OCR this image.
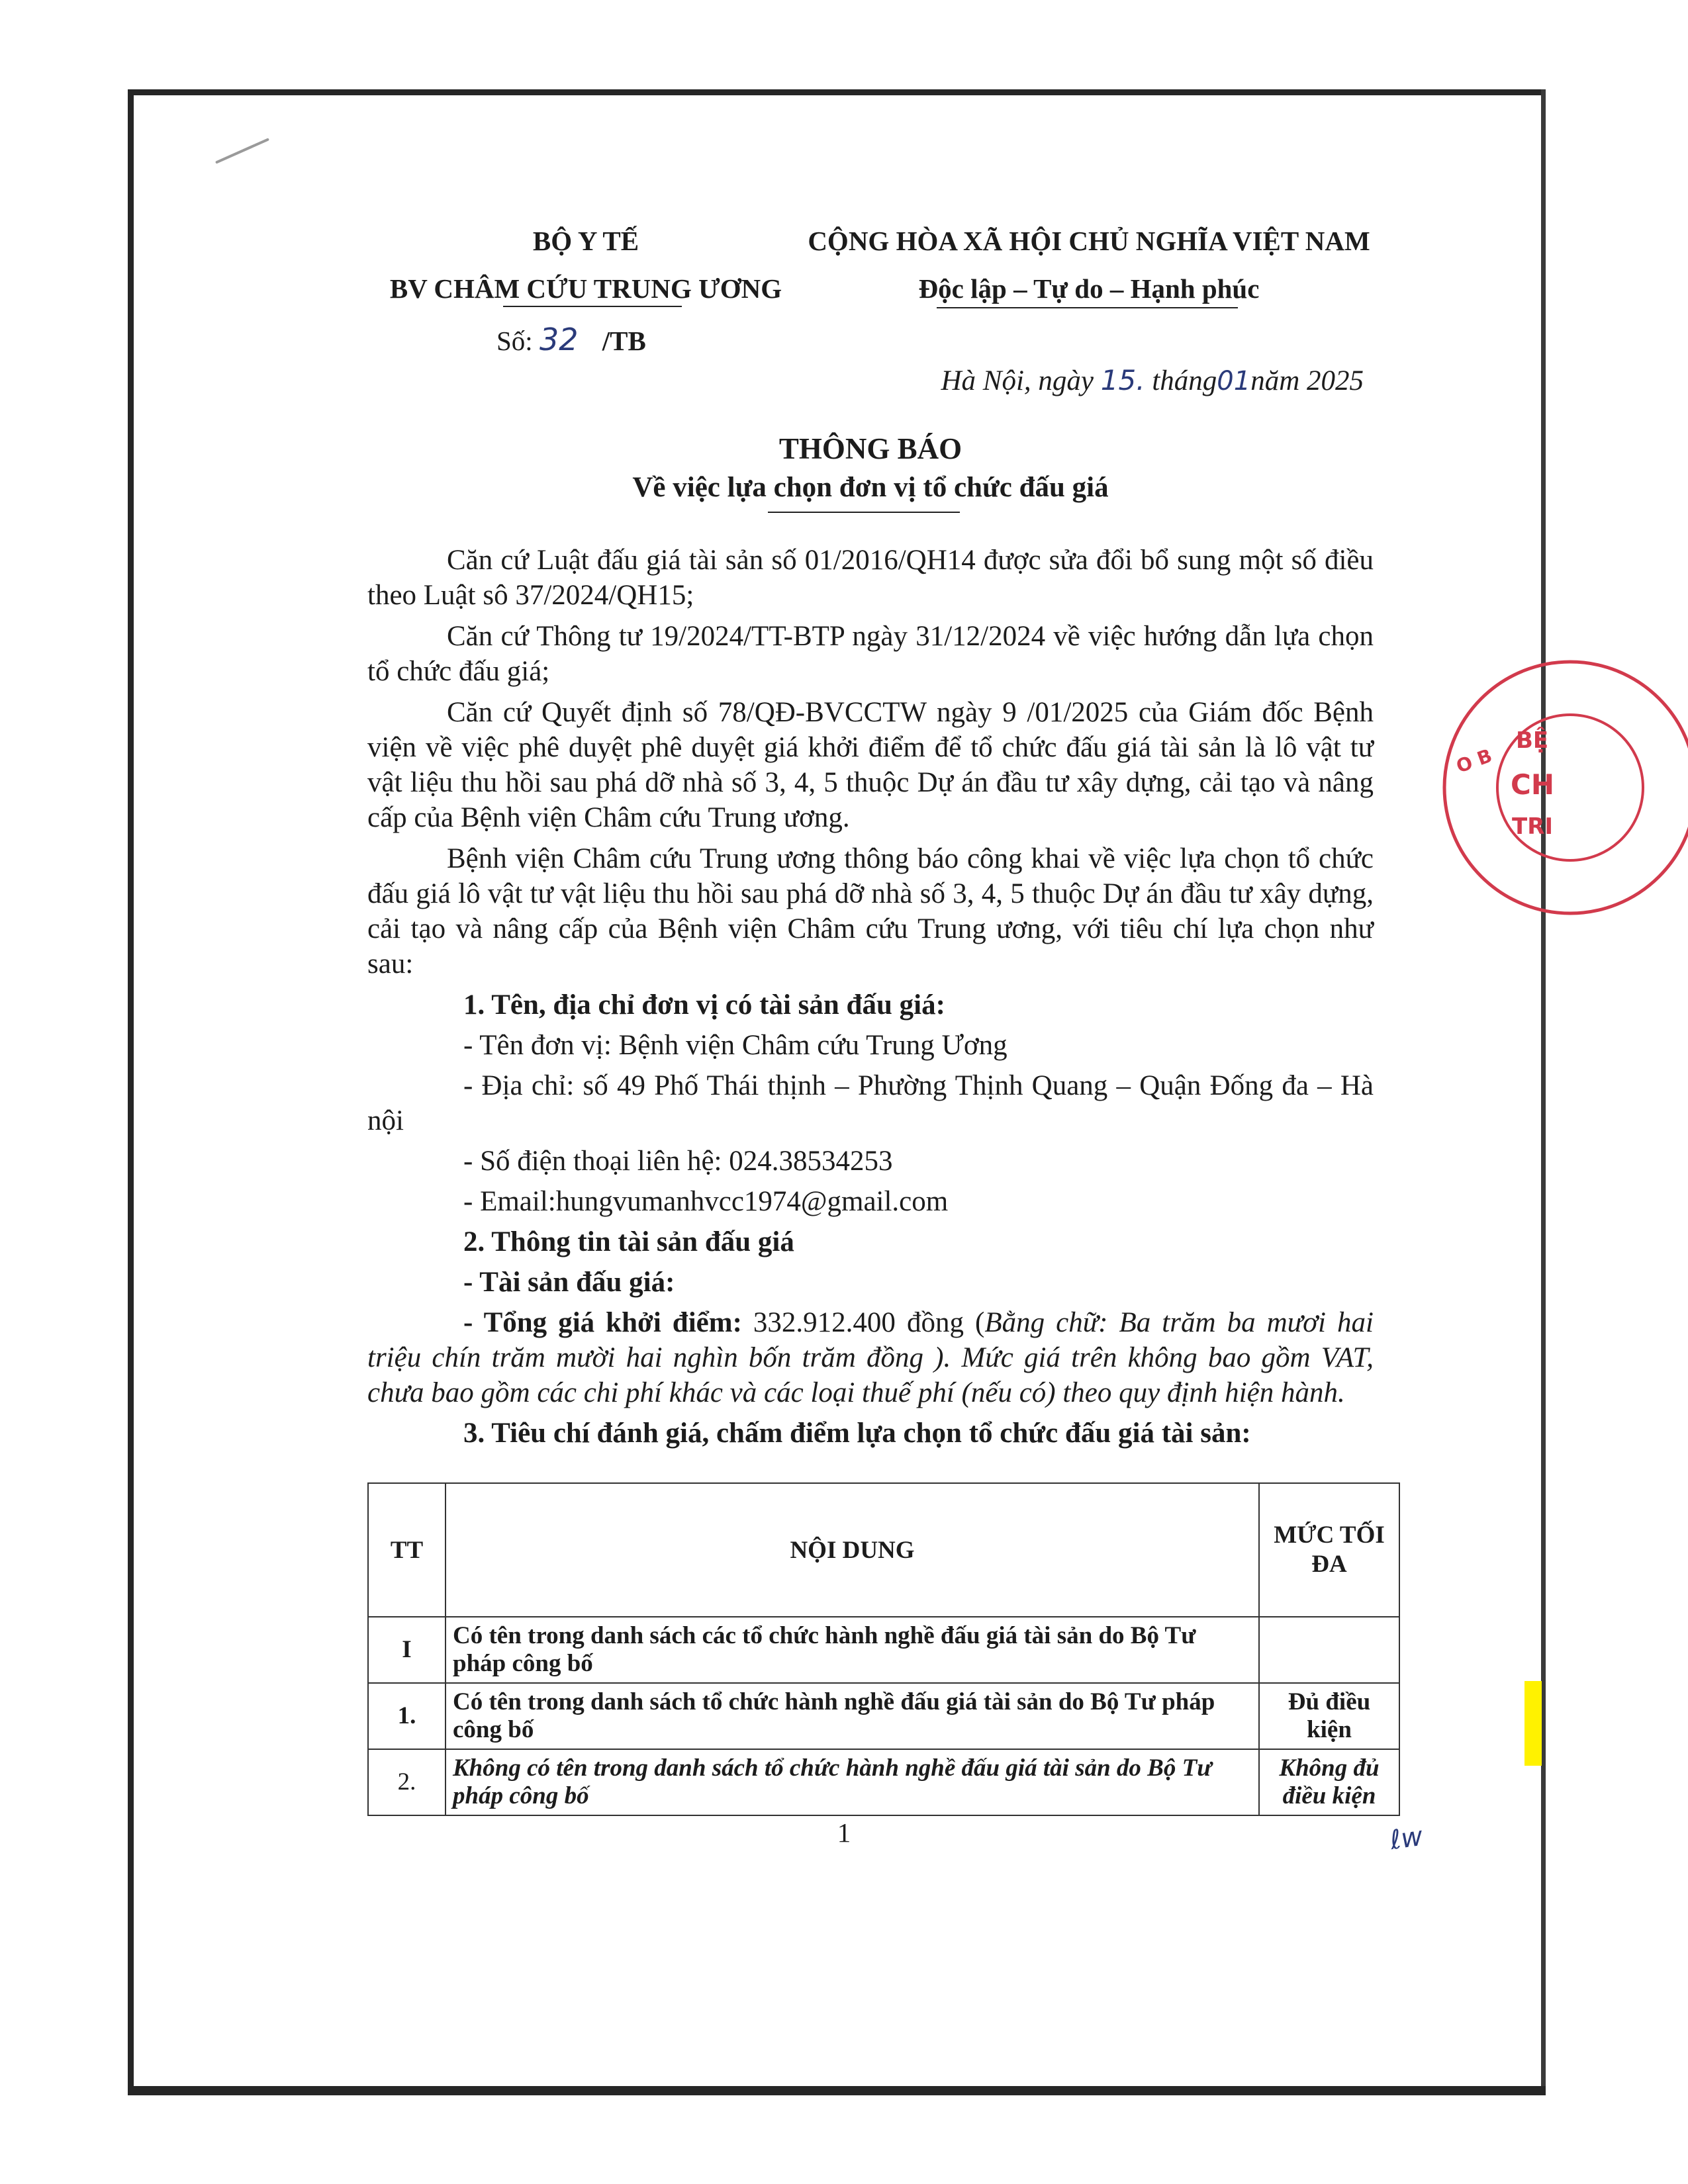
BỘ Y TẾ
BV CHÂM CỨU TRUNG ƯƠNG
Số: 32 /TB
CỘNG HÒA XÃ HỘI CHỦ NGHĨA VIỆT NAM
Độc lập – Tự do – Hạnh phúc
Hà Nội, ngày 15. tháng01năm 2025
THÔNG BÁO
Về việc lựa chọn đơn vị tổ chức đấu giá

Căn cứ Luật đấu giá tài sản số 01/2016/QH14 được sửa đổi bổ sung một số điều theo Luật sô 37/2024/QH15;

Căn cứ Thông tư 19/2024/TT-BTP ngày 31/12/2024 về việc hướng dẫn lựa chọn tổ chức đấu giá;

Căn cứ Quyết định số 78/QĐ-BVCCTW ngày 9 /01/2025 của Giám đốc Bệnh viện về việc phê duyệt phê duyệt giá khởi điểm để tổ chức đấu giá tài sản là lô vật tư vật liệu thu hồi sau phá dỡ nhà số 3, 4, 5 thuộc Dự án đầu tư xây dựng, cải tạo và nâng cấp của Bệnh viện Châm cứu Trung ương.

Bệnh viện Châm cứu Trung ương thông báo công khai về việc lựa chọn tổ chức đấu giá lô vật tư vật liệu thu hồi sau phá dỡ nhà số 3, 4, 5 thuộc Dự án đầu tư xây dựng, cải tạo và nâng cấp của Bệnh viện Châm cứu Trung ương, với tiêu chí lựa chọn như sau:

1. Tên, địa chỉ đơn vị có tài sản đấu giá:

- Tên đơn vị: Bệnh viện Châm cứu Trung Ương

- Địa chỉ: số 49 Phố Thái thịnh – Phường Thịnh Quang – Quận Đống đa – Hà nội

- Số điện thoại liên hệ: 024.38534253

- Email:hungvumanhvcc1974@gmail.com

2. Thông tin tài sản đấu giá

- Tài sản đấu giá:

- Tổng giá khởi điểm: 332.912.400 đồng (Bằng chữ: Ba trăm ba mươi hai triệu chín trăm mười hai nghìn bốn trăm đồng ). Mức giá trên không bao gồm VAT, chưa bao gồm các chi phí khác và các loại thuế phí (nếu có) theo quy định hiện hành.

3. Tiêu chí đánh giá, chấm điểm lựa chọn tổ chức đấu giá tài sản:

TT	NỘI DUNG	MỨC TỐI ĐA
I	Có tên trong danh sách các tổ chức hành nghề đấu giá tài sản do Bộ Tư pháp công bố	
1.	Có tên trong danh sách tổ chức hành nghề đấu giá tài sản do Bộ Tư pháp công bố	Đủ điều kiện
2.	Không có tên trong danh sách tổ chức hành nghề đấu giá tài sản do Bộ Tư pháp công bố	Không đủ điều kiện
1	ℓw
BỆ
CH
TRI
O B
